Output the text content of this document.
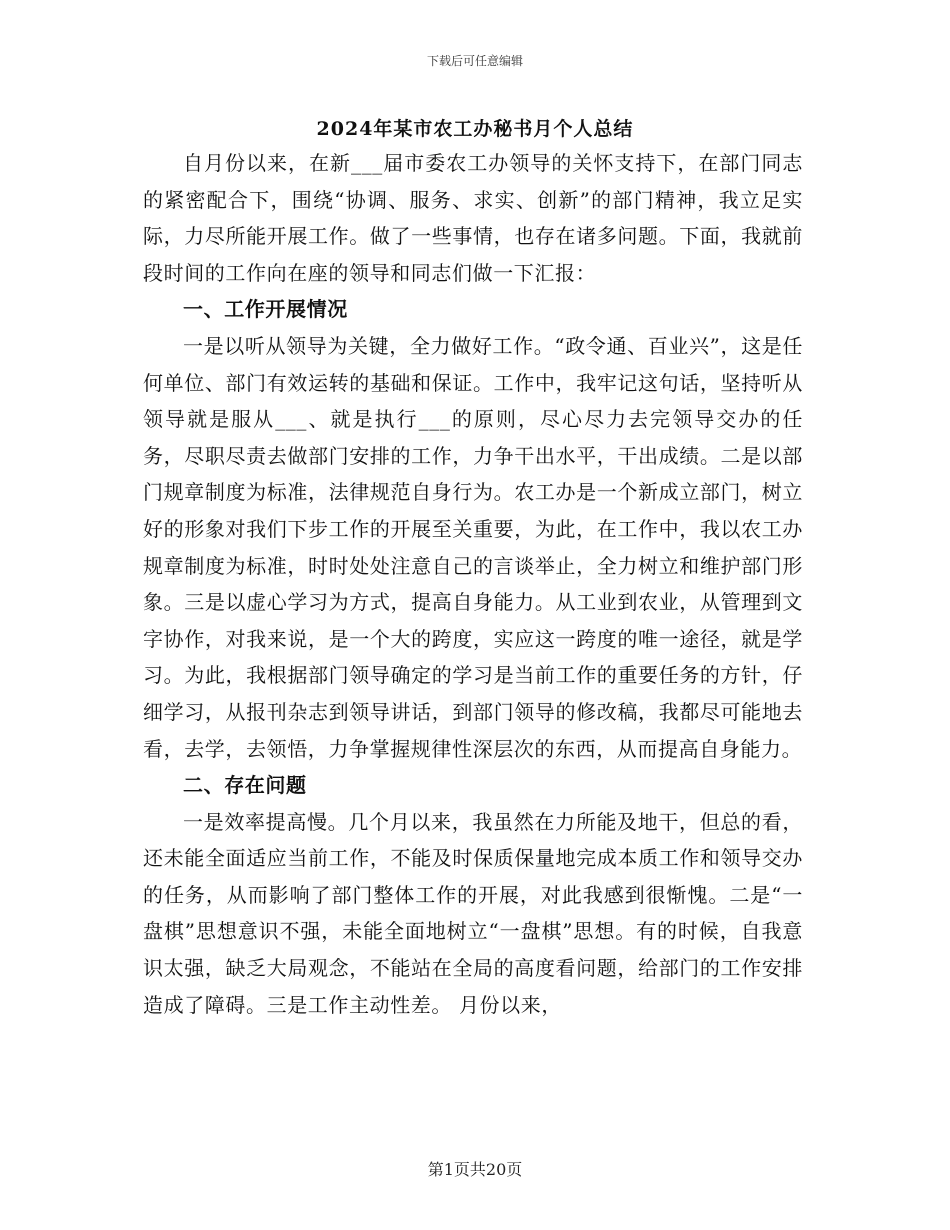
下载后可任意编辑
2024年某市农工办秘书月个人总结

自月份以来，在新___届市委农工办领导的关怀支持下，在部门同志的紧密配合下，围绕“协调、服务、求实、创新”的部门精神，我立足实际，力尽所能开展工作。做了一些事情，也存在诸多问题。下面，我就前段时间的工作向在座的领导和同志们做一下汇报：

一、工作开展情况

一是以听从领导为关键，全力做好工作。“政令通、百业兴”，这是任何单位、部门有效运转的基础和保证。工作中，我牢记这句话，坚持听从领导就是服从___、就是执行___的原则，尽心尽力去完领导交办的任务，尽职尽责去做部门安排的工作，力争干出水平，干出成绩。二是以部门规章制度为标准，法律规范自身行为。农工办是一个新成立部门，树立好的形象对我们下步工作的开展至关重要，为此，在工作中，我以农工办规章制度为标准，时时处处注意自己的言谈举止，全力树立和维护部门形象。三是以虚心学习为方式，提高自身能力。从工业到农业，从管理到文字协作，对我来说，是一个大的跨度，实应这一跨度的唯一途径，就是学习。为此，我根据部门领导确定的学习是当前工作的重要任务的方针，仔细学习，从报刊杂志到领导讲话，到部门领导的修改稿，我都尽可能地去看，去学，去领悟，力争掌握规律性深层次的东西，从而提高自身能力。

二、存在问题

一是效率提高慢。几个月以来，我虽然在力所能及地干，但总的看，还未能全面适应当前工作，不能及时保质保量地完成本质工作和领导交办的任务，从而影响了部门整体工作的开展，对此我感到很惭愧。二是“一盘棋”思想意识不强，未能全面地树立“一盘棋”思想。有的时候，自我意识太强，缺乏大局观念，不能站在全局的高度看问题，给部门的工作安排造成了障碍。三是工作主动性差。 月份以来，

第1页共20页
